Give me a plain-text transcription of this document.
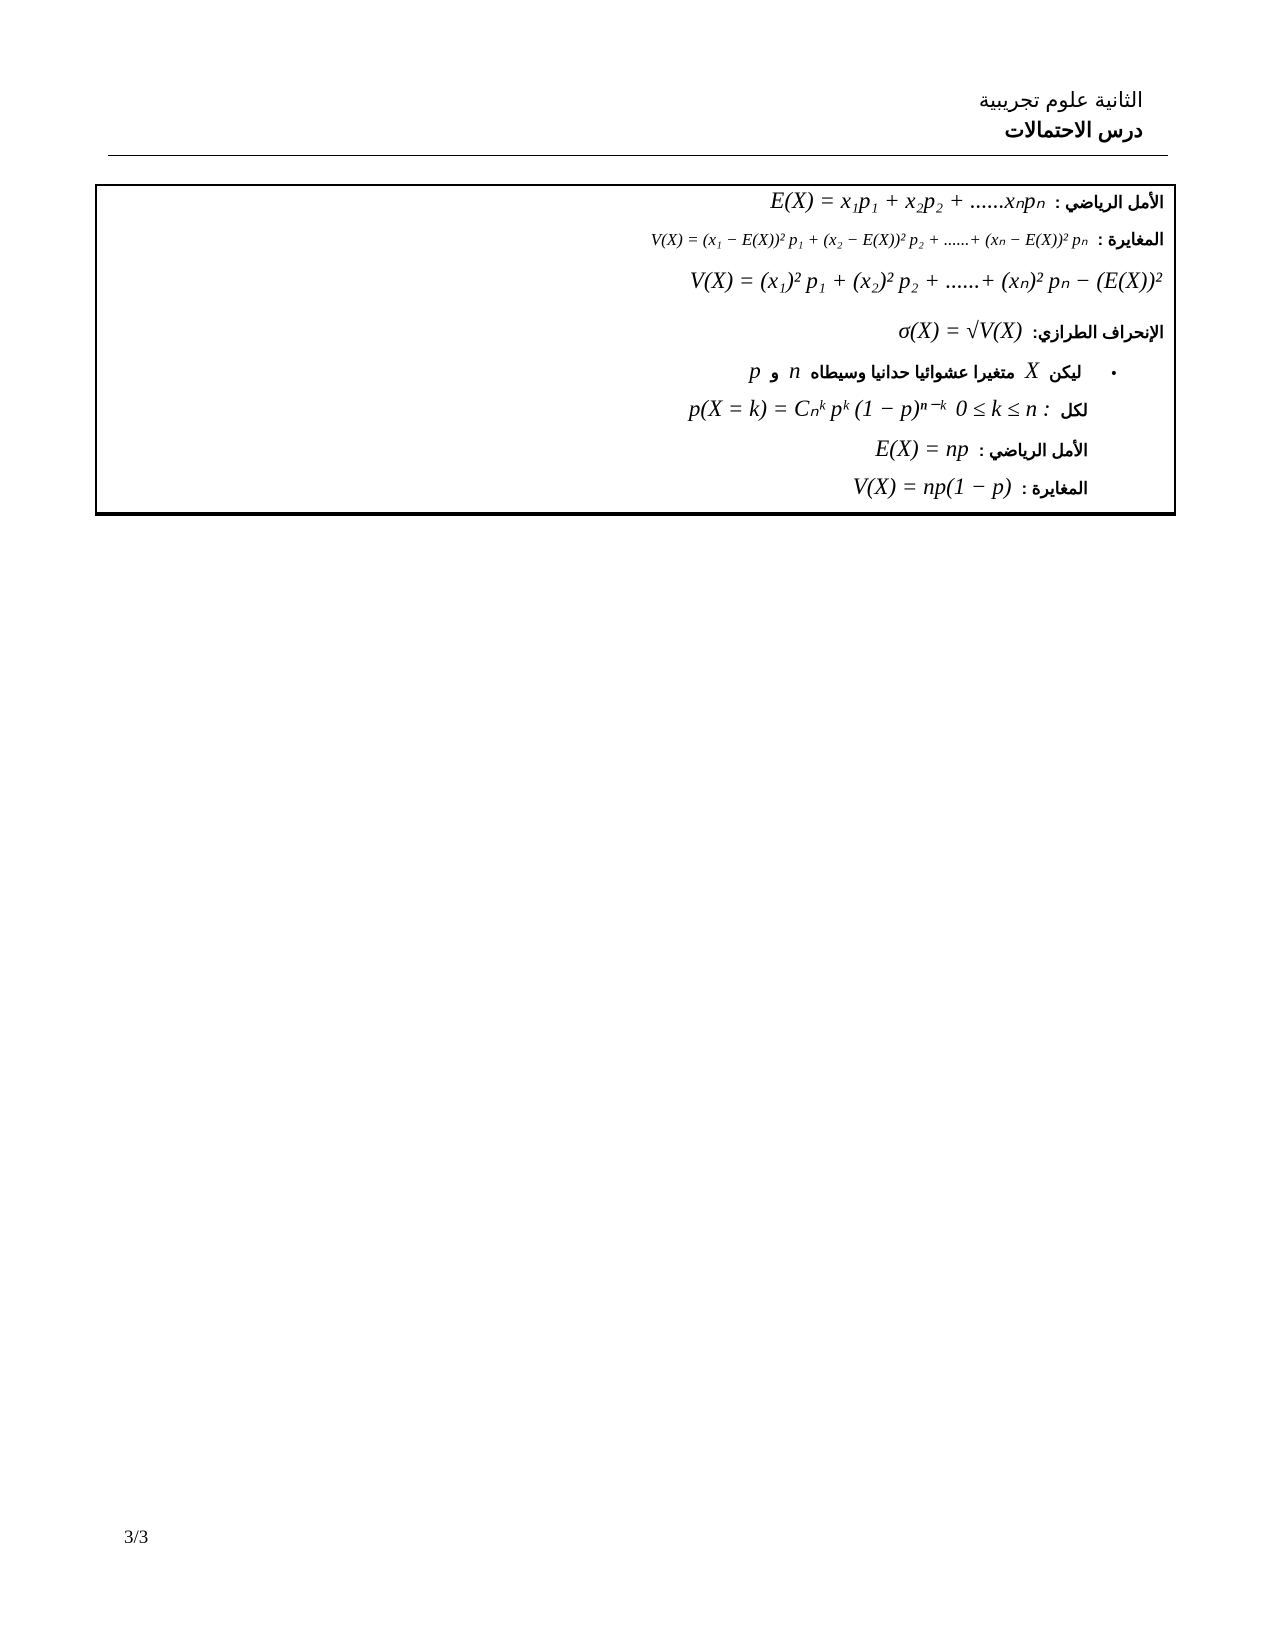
الثانية علوم تجريبية
درس الاحتمالات
E(X) = x₁p₁ + x₂p₂ + ......xₙpₙ الأمل الرياضي :
V(X) = (x₁ − E(X))² p₁ + (x₂ − E(X))² p₂ + ......+ (xₙ − E(X))² pₙ المغايرة :
V(X) = (x₁)² p₁ + (x₂)² p₂ + ......+ (xₙ)² pₙ − (E(X))²
σ(X) = √V(X) الإنحراف الطرازي:
p و n متغيرا عشوائيا حدانيا وسيطاه X ليكن •
p(X = k) = Cₙᵏ pᵏ (1 − p)ⁿ⁻ᵏ 0 ≤ k ≤ n : لكل
E(X) = np الأمل الرياضي :
V(X) = np(1 − p) المغايرة :
3/3
